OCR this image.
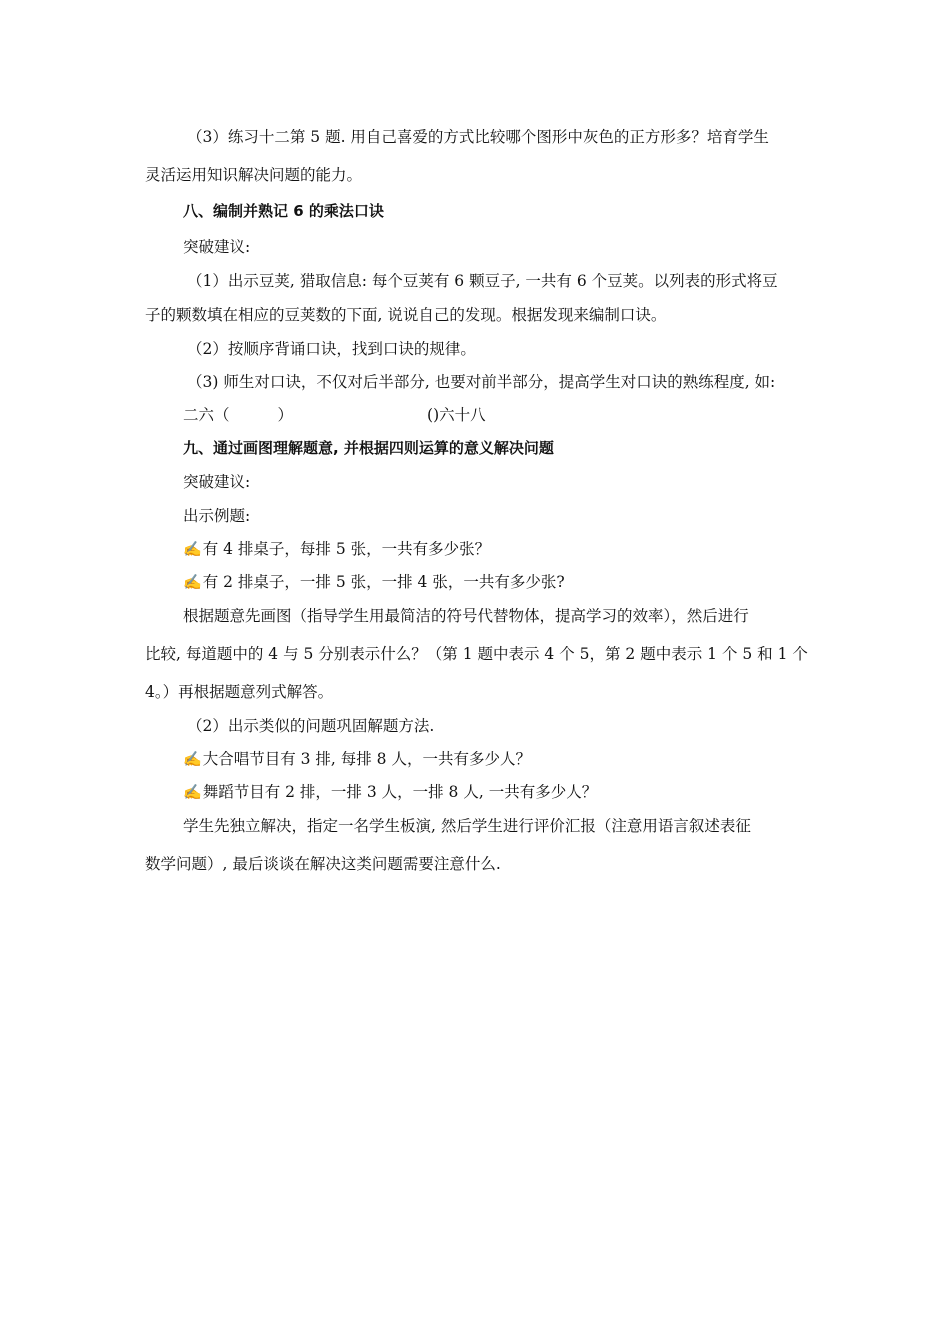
（3）练习十二第 5 题. 用自己喜爱的方式比较哪个图形中灰色的正方形多？培育学生
灵活运用知识解决问题的能力。
八、编制并熟记 6 的乘法口诀
突破建议:
（1）出示豆荚, 猎取信息: 每个豆荚有 6 颗豆子, 一共有 6 个豆荚。以列表的形式将豆
子的颗数填在相应的豆荚数的下面, 说说自己的发现。根据发现来编制口诀。
（2）按顺序背诵口诀，找到口诀的规律。
（3) 师生对口诀，不仅对后半部分, 也要对前半部分，提高学生对口诀的熟练程度, 如:
二六（	）	()六十八
九、通过画图理解题意, 并根据四则运算的意义解决问题
突破建议:
出示例题:
✍有 4 排桌子，每排 5 张，一共有多少张？
✍有 2 排桌子，一排 5 张，一排 4 张，一共有多少张?
根据题意先画图（指导学生用最简洁的符号代替物体，提高学习的效率），然后进行
比较, 每道题中的 4 与 5 分别表示什么？（第 1 题中表示 4 个 5，第 2 题中表示 1 个 5 和 1 个
4。）再根据题意列式解答。
（2）出示类似的问题巩固解题方法.
✍大合唱节目有 3 排, 每排 8 人，一共有多少人？
✍舞蹈节目有 2 排，一排 3 人，一排 8 人, 一共有多少人？
学生先独立解决，指定一名学生板演, 然后学生进行评价汇报（注意用语言叙述表征
数学问题）, 最后谈谈在解决这类问题需要注意什么.
